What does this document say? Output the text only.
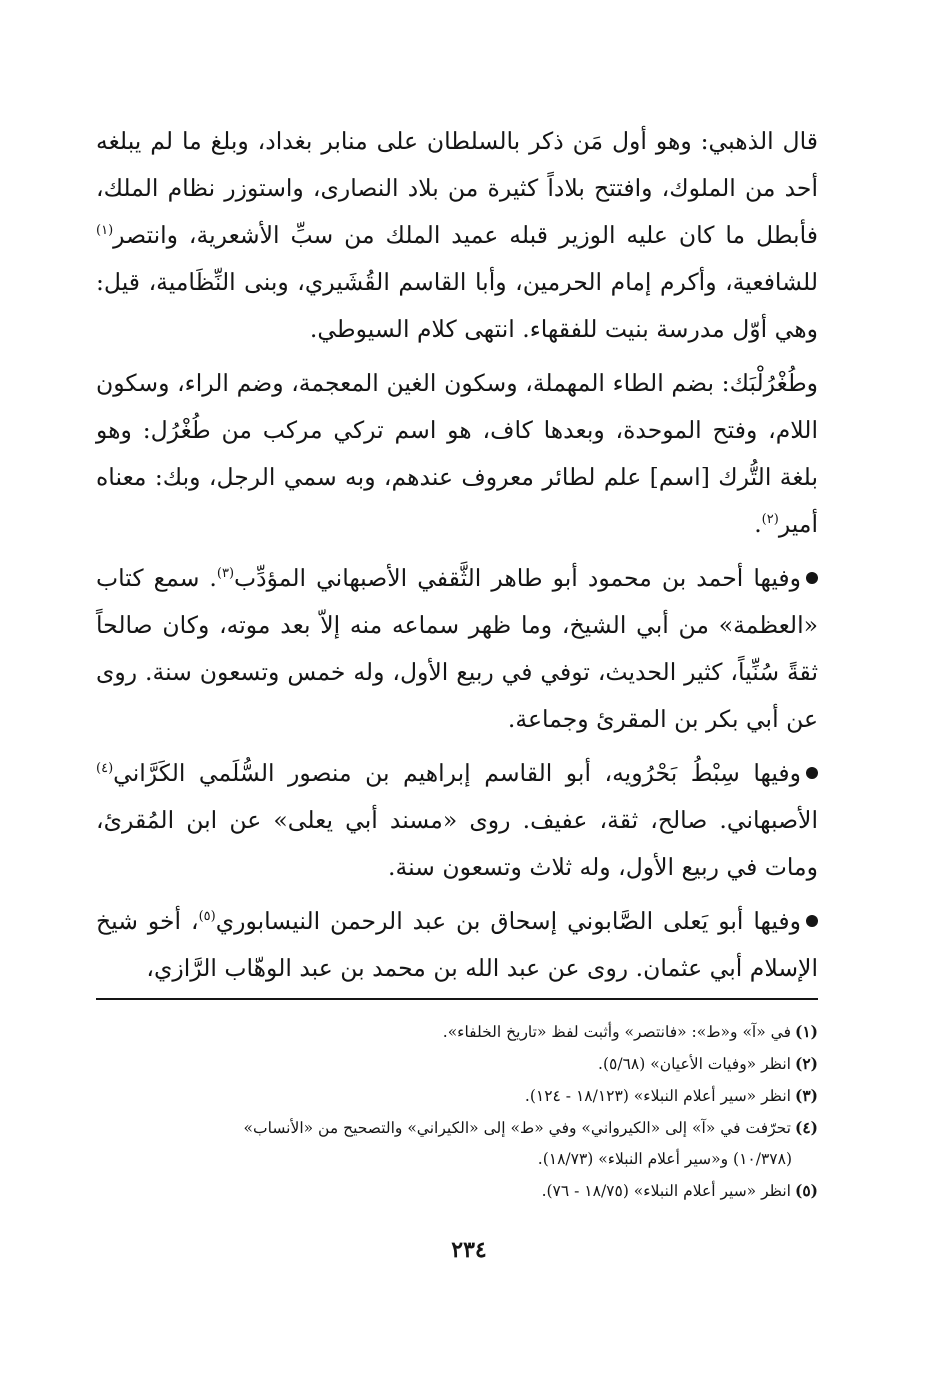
قال الذهبي: وهو أول مَن ذكر بالسلطان على منابر بغداد، وبلغ ما لم يبلغه أحد من الملوك، وافتتح بلاداً كثيرة من بلاد النصارى، واستوزر نظام الملك، فأبطل ما كان عليه الوزير قبله عميد الملك من سبِّ الأشعرية، وانتصر$^{(١)}$ للشافعية، وأكرم إمام الحرمين، وأبا القاسم القُشَيري، وبنى النِّظَامية، قيل: وهي أوّل مدرسة بنيت للفقهاء. انتهى كلام السيوطي.

وطُغْرُلْبَك: بضم الطاء المهملة، وسكون الغين المعجمة، وضم الراء، وسكون اللام، وفتح الموحدة، وبعدها كاف، هو اسم تركي مركب من طُغْرُل: وهو بلغة التُّرك [اسم] علم لطائر معروف عندهم، وبه سمي الرجل، وبك: معناه أمير$^{(٢)}$.

وفيها أحمد بن محمود أبو طاهر الثَّقفي الأصبهاني المؤدِّب$^{(٣)}$. سمع كتاب «العظمة» من أبي الشيخ، وما ظهر سماعه منه إلاّ بعد موته، وكان صالحاً ثقةً سُنِّياً، كثير الحديث، توفي في ربيع الأول، وله خمس وتسعون سنة. روى عن أبي بكر بن المقرئ وجماعة.

وفيها سِبْطُ بَحْرُويه، أبو القاسم إبراهيم بن منصور السُّلَمي الكَرَّاني$^{(٤)}$ الأصبهاني. صالح، ثقة، عفيف. روى «مسند أبي يعلى» عن ابن المُقرئ، ومات في ربيع الأول، وله ثلاث وتسعون سنة.

وفيها أبو يَعلى الصَّابوني إسحاق بن عبد الرحمن النيسابوري$^{(٥)}$، أخو شيخ الإسلام أبي عثمان. روى عن عبد الله بن محمد بن عبد الوهّاب الرَّازي،

(١)في «آ» و«ط»: «فانتصر» وأثبت لفظ «تاريخ الخلفاء».

(٢)انظر «وفيات الأعيان» (٥/٦٨).

(٣)انظر «سير أعلام النبلاء» (١٨/١٢٣ - ١٢٤).

(٤)تحرّفت في «آ» إلى «الكيرواني» وفي «ط» إلى «الكيراني» والتصحيح من «الأنساب»

(١٠/٣٧٨) و«سير أعلام النبلاء» (١٨/٧٣).

(٥)انظر «سير أعلام النبلاء» (١٨/٧٥ - ٧٦).

٢٣٤
